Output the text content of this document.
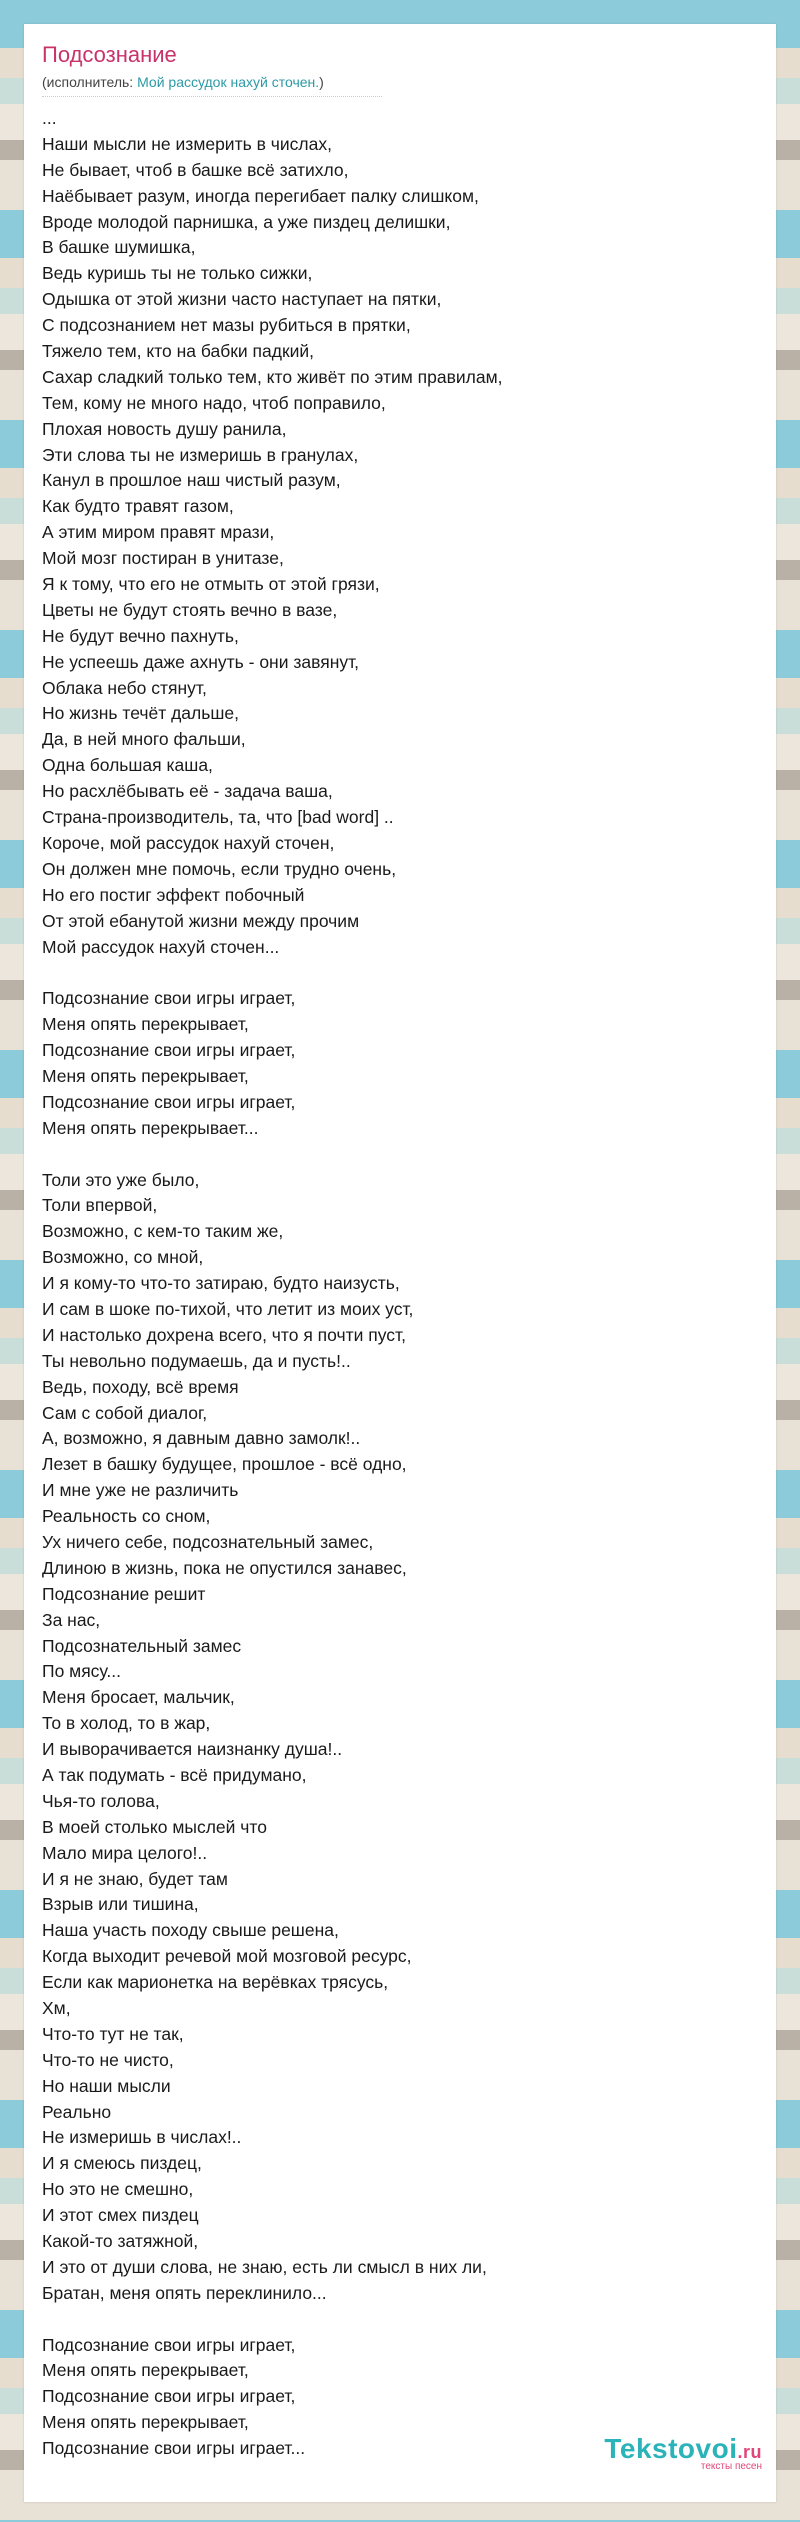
Подсознание
(исполнитель: Мой рассудок нахуй сточен.)
...
Наши мысли не измерить в числах,
Не бывает, чтоб в башке всё затихло,
Наёбывает разум, иногда перегибает палку слишком,
Вроде молодой парнишка, а уже пиздец делишки,
В башке шумишка,
Ведь куришь ты не только сижки,
Одышка от этой жизни часто наступает на пятки,
С подсознанием нет мазы рубиться в прятки,
Тяжело тем, кто на бабки падкий,
Сахар сладкий только тем, кто живёт по этим правилам,
Тем, кому не много надо, чтоб поправило,
Плохая новость душу ранила,
Эти слова ты не измеришь в гранулах,
Канул в прошлое наш чистый разум,
Как будто травят газом,
А этим миром правят мрази,
Мой мозг постиран в унитазе,
Я к тому, что его не отмыть от этой грязи,
Цветы не будут стоять вечно в вазе,
Не будут вечно пахнуть,
Не успеешь даже ахнуть - они завянут,
Облака небо стянут,
Но жизнь течёт дальше,
Да, в ней много фальши,
Одна большая каша,
Но расхлёбывать её - задача ваша,
Страна-производитель, та, что [bad word] ..
Короче, мой рассудок нахуй сточен,
Он должен мне помочь, если трудно очень,
Но его постиг эффект побочный
От этой ебанутой жизни между прочим
Мой рассудок нахуй сточен...
Подсознание свои игры играет,
Меня опять перекрывает,
Подсознание свои игры играет,
Меня опять перекрывает,
Подсознание свои игры играет,
Меня опять перекрывает...
Толи это уже было,
Толи впервой,
Возможно, с кем-то таким же,
Возможно, со мной,
И я кому-то что-то затираю, будто наизусть,
И сам в шоке по-тихой, что летит из моих уст,
И настолько дохрена всего, что я почти пуст,
Ты невольно подумаешь, да и пусть!..
Ведь, походу, всё время
Сам с собой диалог,
А, возможно, я давным давно замолк!..
Лезет в башку будущее, прошлое - всё одно,
И мне уже не различить
Реальность со сном,
Ух ничего себе, подсознательный замес,
Длиною в жизнь, пока не опустился занавес,
Подсознание решит
За нас,
Подсознательный замес
По мясу...
Меня бросает, мальчик,
То в холод, то в жар,
И выворачивается наизнанку душа!..
А так подумать - всё придумано,
Чья-то голова,
В моей столько мыслей что
Мало мира целого!..
И я не знаю, будет там
Взрыв или тишина,
Наша участь походу свыше решена,
Когда выходит речевой мой мозговой ресурс,
Если как марионетка на верёвках трясусь,
Хм,
Что-то тут не так,
Что-то не чисто,
Но наши мысли
Реально
Не измеришь в числах!..
И я смеюсь пиздец,
Но это не смешно,
И этот смех пиздец
Какой-то затяжной,
И это от души слова, не знаю, есть ли смысл в них ли,
Братан, меня опять переклинило...
Подсознание свои игры играет,
Меня опять перекрывает,
Подсознание свои игры играет,
Меня опять перекрывает,
Подсознание свои игры играет...	Tekstovoi.ru
тексты песен
